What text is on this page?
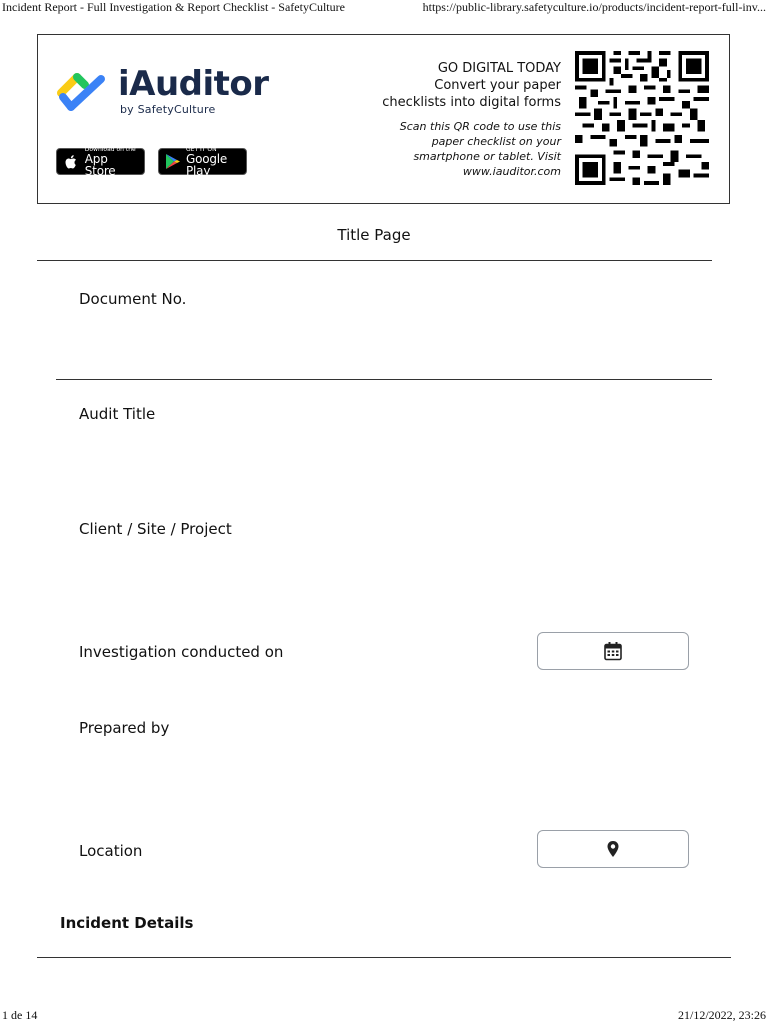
Incident Report - Full Investigation & Report Checklist - SafetyCulture	https://public-library.safetyculture.io/products/incident-report-full-inv...
iAuditor
by SafetyCulture
Download on the
App Store
GET IT ON
Google Play
GO DIGITAL TODAY
Convert your paper
checklists into digital forms
Scan this QR code to use this
paper checklist on your
smartphone or tablet. Visit
www.iauditor.com
Title Page
Document No.
Audit Title
Client / Site / Project
Investigation conducted on
Prepared by
Location
Incident Details
1 de 14	21/12/2022, 23:26
